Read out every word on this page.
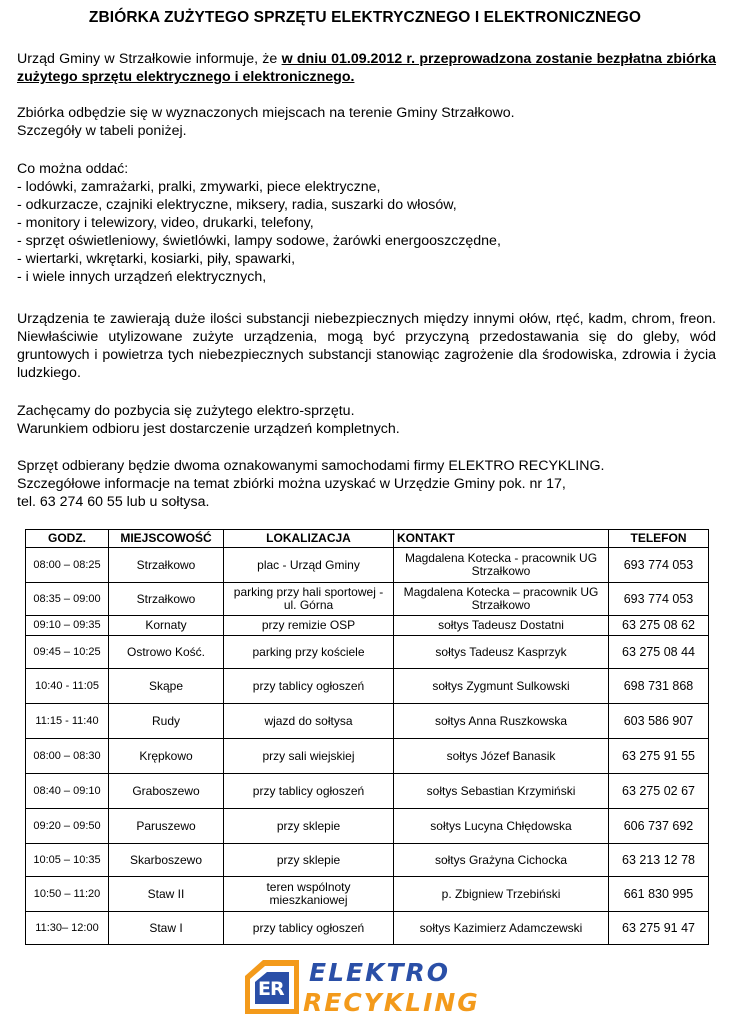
ZBIÓRKA ZUŻYTEGO SPRZĘTU ELEKTRYCZNEGO I ELEKTRONICZNEGO

Urząd Gminy w Strzałkowie informuje, że w dniu 01.09.2012 r. przeprowadzona zostanie bezpłatna zbiórka zużytego sprzętu elektrycznego i elektronicznego.

Zbiórka odbędzie się w wyznaczonych miejscach na terenie Gminy Strzałkowo.
Szczegóły w tabeli poniżej.
Co można oddać:
- lodówki, zamrażarki, pralki, zmywarki, piece elektryczne,
- odkurzacze, czajniki elektryczne, miksery, radia, suszarki do włosów,
- monitory i telewizory, video, drukarki, telefony,
- sprzęt oświetleniowy, świetlówki, lampy sodowe, żarówki energooszczędne,
- wiertarki, wkrętarki, kosiarki, piły, spawarki,
- i wiele innych urządzeń elektrycznych,

Urządzenia te zawierają duże ilości substancji niebezpiecznych między innymi ołów, rtęć, kadm, chrom, freon. Niewłaściwie utylizowane zużyte urządzenia, mogą być przyczyną przedostawania się do gleby, wód gruntowych i powietrza tych niebezpiecznych substancji stanowiąc zagrożenie dla środowiska, zdrowia i życia ludzkiego.

Zachęcamy do pozbycia się zużytego elektro-sprzętu.
Warunkiem odbioru jest dostarczenie urządzeń kompletnych.
Sprzęt odbierany będzie dwoma oznakowanymi samochodami firmy ELEKTRO RECYKLING.
Szczegółowe informacje na temat zbiórki można uzyskać w Urzędzie Gminy pok. nr 17,
tel. 63 274 60 55 lub u sołtysa.
GODZ.	MIEJSCOWOŚĆ	LOKALIZACJA	KONTAKT	TELEFON
08:00 – 08:25	Strzałkowo	plac - Urząd Gminy	Magdalena Kotecka - pracownik UG Strzałkowo	693 774 053
08:35 – 09:00	Strzałkowo	parking przy hali sportowej - ul. Górna	Magdalena Kotecka – pracownik UG Strzałkowo	693 774 053
09:10 – 09:35	Kornaty	przy remizie OSP	sołtys Tadeusz Dostatni	63 275 08 62
09:45 – 10:25	Ostrowo Kość.	parking przy kościele	sołtys Tadeusz Kasprzyk	63 275 08 44
10:40 - 11:05	Skąpe	przy tablicy ogłoszeń	sołtys Zygmunt Sulkowski	698 731 868
11:15 - 11:40	Rudy	wjazd do sołtysa	sołtys Anna Ruszkowska	603 586 907
08:00 – 08:30	Krępkowo	przy sali wiejskiej	sołtys Józef Banasik	63 275 91 55
08:40 – 09:10	Graboszewo	przy tablicy ogłoszeń	sołtys Sebastian Krzymiński	63 275 02 67
09:20 – 09:50	Paruszewo	przy sklepie	sołtys Lucyna Chłędowska	606 737 692
10:05 – 10:35	Skarboszewo	przy sklepie	sołtys Grażyna Cichocka	63 213 12 78
10:50 – 11:20	Staw II	teren wspólnoty mieszkaniowej	p. Zbigniew Trzebiński	661 830 995
11:30– 12:00	Staw I	przy tablicy ogłoszeń	sołtys Kazimierz Adamczewski	63 275 91 47
ER
ELEKTRO
RECYKLING
